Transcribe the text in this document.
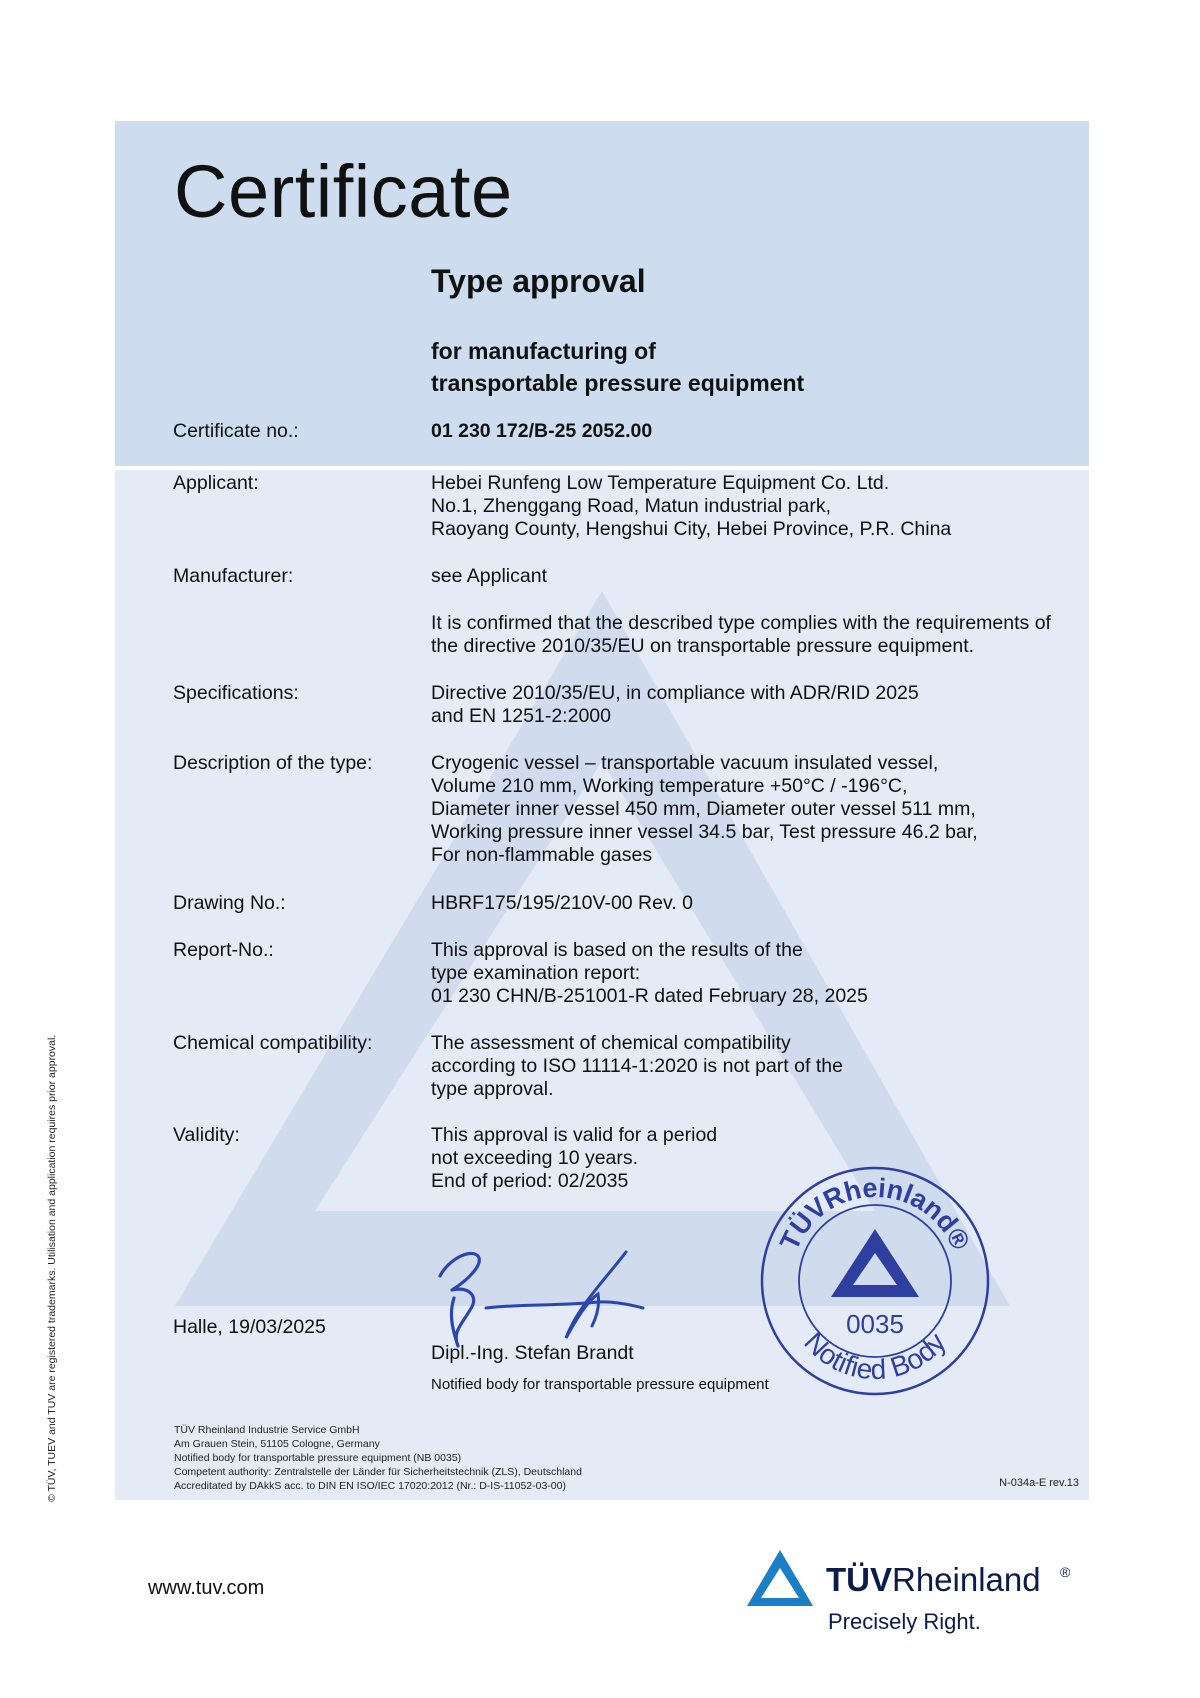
Certificate
Type approval
for manufacturing of
transportable pressure equipment
Certificate no.:	01 230 172/B-25 2052.00
Applicant:	Hebei Runfeng Low Temperature Equipment Co. Ltd.
No.1, Zhenggang Road, Matun industrial park,
Raoyang County, Hengshui City, Hebei Province, P.R. China
Manufacturer:	see Applicant
It is confirmed that the described type complies with the requirements of
the directive 2010/35/EU on transportable pressure equipment.
Specifications:	Directive 2010/35/EU, in compliance with ADR/RID 2025
and EN 1251-2:2000
Description of the type:	Cryogenic vessel – transportable vacuum insulated vessel,
Volume 210 mm, Working temperature +50°C / -196°C,
Diameter inner vessel 450 mm, Diameter outer vessel 511 mm,
Working pressure inner vessel 34.5 bar, Test pressure 46.2 bar,
For non-flammable gases
Drawing No.:	HBRF175/195/210V-00 Rev. 0
Report-No.:	This approval is based on the results of the
type examination report:
01 230 CHN/B-251001-R dated February 28, 2025
Chemical compatibility:	The assessment of chemical compatibility
according to ISO 11114-1:2020 is not part of the
type approval.
Validity:	This approval is valid for a period
not exceeding 10 years.
End of period: 02/2035
Halle, 19/03/2025
Dipl.-Ing. Stefan Brandt
Notified body for transportable pressure equipment
TÜVRheinland®
Notified Body
0035
TÜV Rheinland Industrie Service GmbH
Am Grauen Stein, 51105 Cologne, Germany
Notified body for transportable pressure equipment (NB 0035)
Competent authority: Zentralstelle der Länder für Sicherheitstechnik (ZLS), Deutschland
Accreditated by DAkkS acc. to DIN EN ISO/IEC 17020:2012 (Nr.: D-IS-11052-03-00)	N-034a-E rev.13
© TÜV, TUEV and TUV are registered trademarks. Utilisation and application requires prior approval.
www.tuv.com	TÜVRheinland ®
Precisely Right.
